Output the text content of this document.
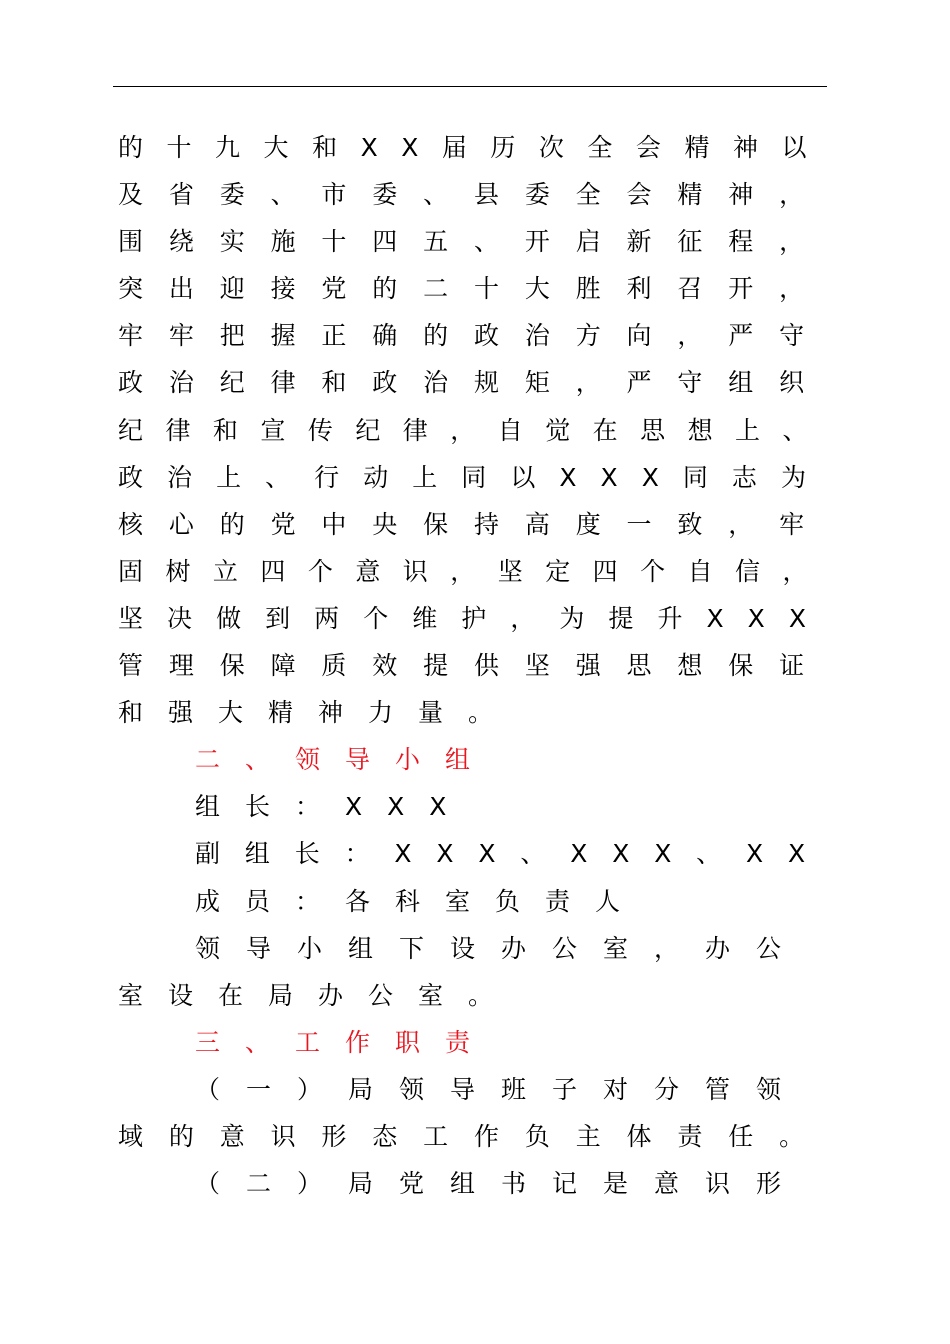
的十九大和XX届历次全会精神以
及省委、市委、县委全会精神，
围绕实施十四五、开启新征程，
突出迎接党的二十大胜利召开，
牢牢把握正确的政治方向，严守
政治纪律和政治规矩，严守组织
纪律和宣传纪律，自觉在思想上、
政治上、行动上同以XXX同志为
核心的党中央保持高度一致，牢
固树立四个意识，坚定四个自信，
坚决做到两个维护，为提升XXX
管理保障质效提供坚强思想保证
和强大精神力量。
二、领导小组
组长：XXX
副组长：XXX、XXX、XX
成员：各科室负责人
领导小组下设办公室，办公
室设在局办公室。
三、工作职责
（一）局领导班子对分管领
域的意识形态工作负主体责任。
（二）局党组书记是意识形
